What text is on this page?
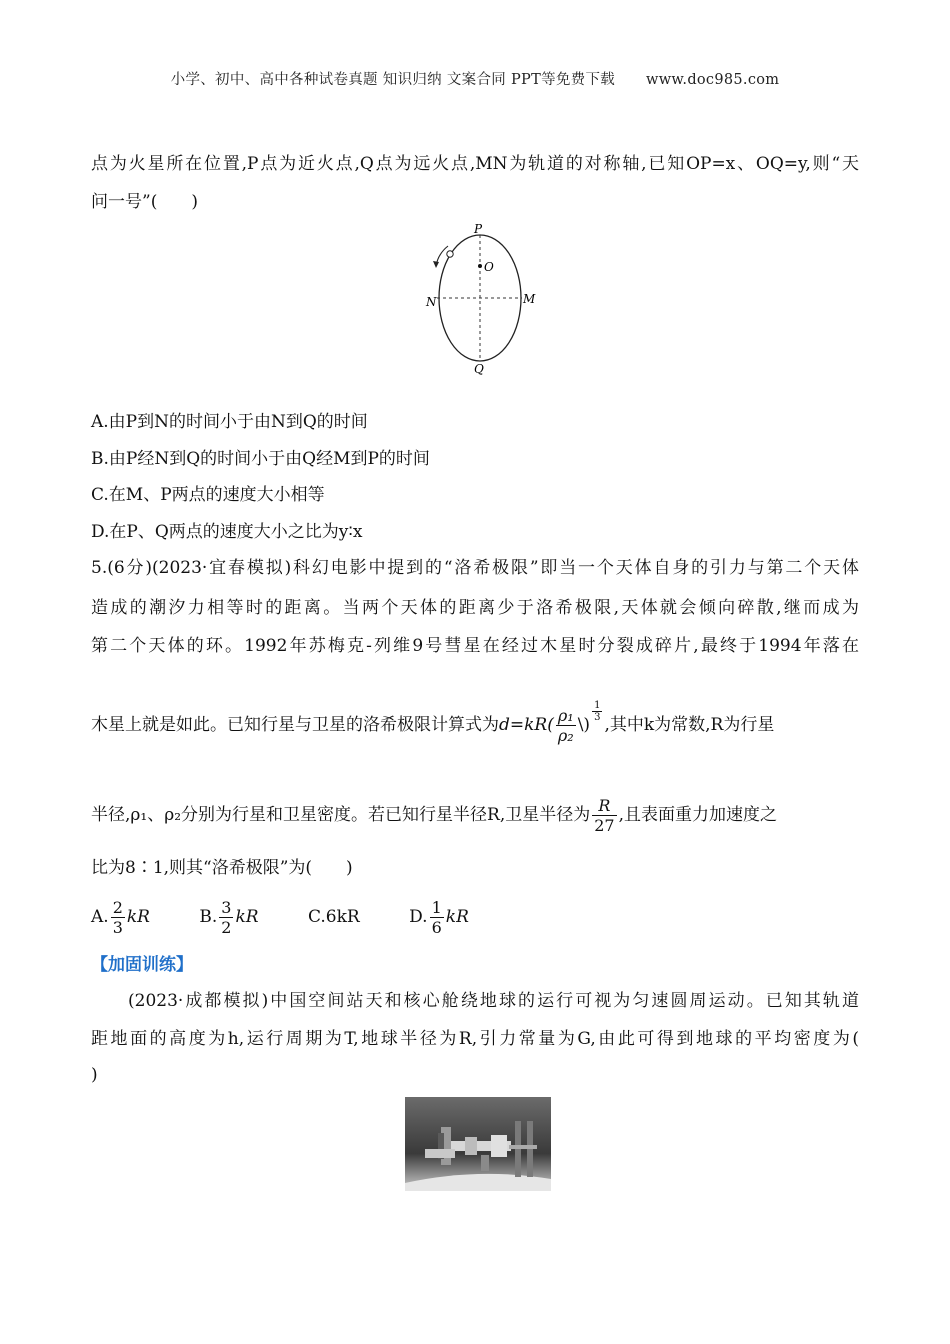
小学、初中、高中各种试卷真题 知识归纳 文案合同 PPT等免费下载 www.doc985.com
点为火星所在位置,P点为近火点,Q点为远火点,MN为轨道的对称轴,已知OP=x、OQ=y,则“天
问一号”(　　)
P
O
N	M
Q
A.由P到N的时间小于由N到Q的时间
B.由P经N到Q的时间小于由Q经M到P的时间
C.在M、P两点的速度大小相等
D.在P、Q两点的速度大小之比为y∶x
5.(6分)(2023·宜春模拟)科幻电影中提到的“洛希极限”即当一个天体自身的引力与第二个天体
造成的潮汐力相等时的距离。当两个天体的距离少于洛希极限,天体就会倾向碎散,继而成为
第二个天体的环。1992年苏梅克-列维9号彗星在经过木星时分裂成碎片,最终于1994年落在
木星上就是如此。已知行星与卫星的洛希极限计算式为$d=kR( \frac{\text{ρ₁}}{\text{ρ₂}}$ \)
$\frac{1}{3}$
,其中k为常数,R为行星
半径,ρ₁、ρ₂分别为行星和卫星密度。若已知行星半径R,卫星半径为 $\frac{R}{27}$ ,且表面重力加速度之
比为8∶1,则其“洛希极限”为(　　)
A. $\frac{2}{3}$ kR	B. $\frac{3}{2}$ kR	C.6kR	D. $\frac{1}{6}$ kR
【加固训练】
(2023·成都模拟)中国空间站天和核心舱绕地球的运行可视为匀速圆周运动。已知其轨道
距地面的高度为h,运行周期为T,地球半径为R,引力常量为G,由此可得到地球的平均密度为(
)
